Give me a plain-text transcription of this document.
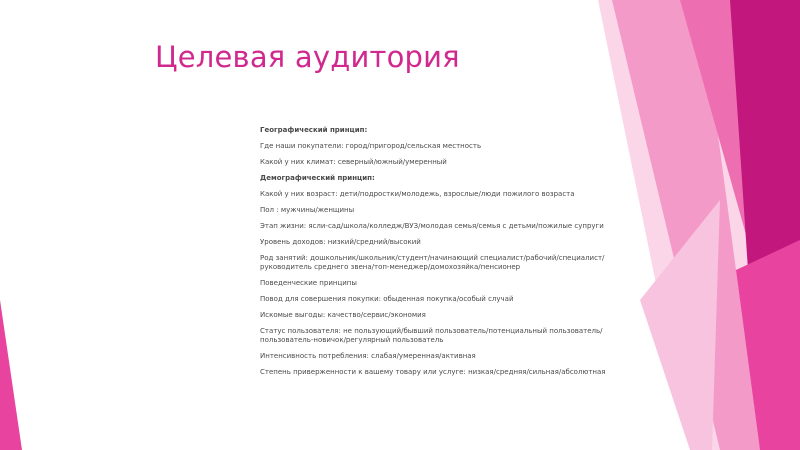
Целевая аудитория

Географический принцип:

Где наши покупатели: город/пригород/сельская местность

Какой у них климат: северный/южный/умеренный

Демографический принцип:

Какой у них возраст: дети/подростки/молодежь, взрослые/люди пожилого возраста

Пол : мужчины/женщины

Этап жизни: ясли-сад/школа/колледж/ВУЗ/молодая семья/семья с детьми/пожилые супруги

Уровень доходов: низкий/средний/высокий

Род занятий: дошкольник/школьник/студент/начинающий специалист/рабочий/специалист/руководитель среднего звена/топ-менеджер/домохозяйка/пенсионер

Поведенческие принципы

Повод для совершения покупки: обыденная покупка/особый случай

Искомые выгоды: качество/сервис/экономия

Статус пользователя: не пользующий/бывший пользователь/потенциальный пользователь/пользователь-новичок/регулярный пользователь

Интенсивность потребления: слабая/умеренная/активная

Степень приверженности к вашему товару или услуге: низкая/средняя/сильная/абсолютная
